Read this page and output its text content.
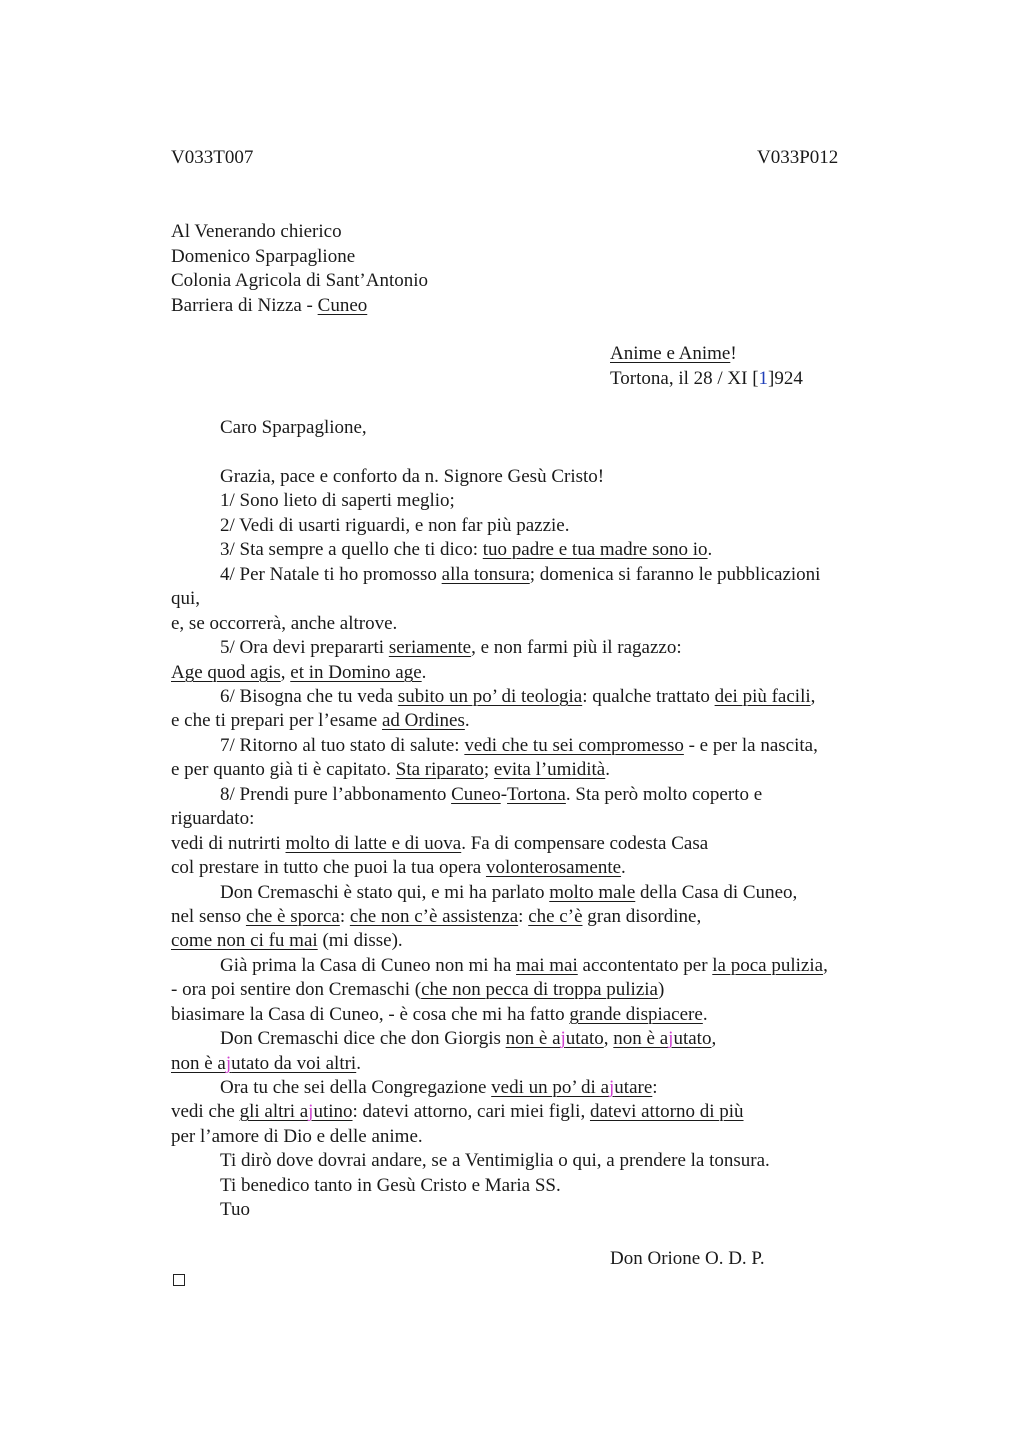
V033T007	V033P012
Al Venerando chierico
Domenico Sparpaglione
Colonia Agricola di Sant’Antonio
Barriera di Nizza - Cuneo
Anime e Anime!
Tortona, il 28 / XI [1]924
Caro Sparpaglione,
Grazia, pace e conforto da n. Signore Gesù Cristo!
1/ Sono lieto di saperti meglio;
2/ Vedi di usarti riguardi, e non far più pazzie.
3/ Sta sempre a quello che ti dico: tuo padre e tua madre sono io.
4/ Per Natale ti ho promosso alla tonsura; domenica si faranno le pubblicazioni
qui,
e, se occorrerà, anche altrove.
5/ Ora devi prepararti seriamente, e non farmi più il ragazzo:
Age quod agis, et in Domino age.
6/ Bisogna che tu veda subito un po’ di teologia: qualche trattato dei più facili,
e che ti prepari per l’esame ad Ordines.
7/ Ritorno al tuo stato di salute: vedi che tu sei compromesso - e per la nascita,
e per quanto già ti è capitato. Sta riparato; evita l’umidità.
8/ Prendi pure l’abbonamento Cuneo-Tortona. Sta però molto coperto e
riguardato:
vedi di nutrirti molto di latte e di uova. Fa di compensare codesta Casa
col prestare in tutto che puoi la tua opera volonterosamente.
Don Cremaschi è stato qui, e mi ha parlato molto male della Casa di Cuneo,
nel senso che è sporca: che non c’è assistenza: che c’è gran disordine,
come non ci fu mai (mi disse).
Già prima la Casa di Cuneo non mi ha mai mai accontentato per la poca pulizia,
- ora poi sentire don Cremaschi (che non pecca di troppa pulizia)
biasimare la Casa di Cuneo, - è cosa che mi ha fatto grande dispiacere.
Don Cremaschi dice che don Giorgis non è ajutato, non è ajutato,
non è ajutato da voi altri.
Ora tu che sei della Congregazione vedi un po’ di ajutare:
vedi che gli altri ajutino: datevi attorno, cari miei figli, datevi attorno di più
per l’amore di Dio e delle anime.
Ti dirò dove dovrai andare, se a Ventimiglia o qui, a prendere la tonsura.
Ti benedico tanto in Gesù Cristo e Maria SS.
Tuo
Don Orione O. D. P.
